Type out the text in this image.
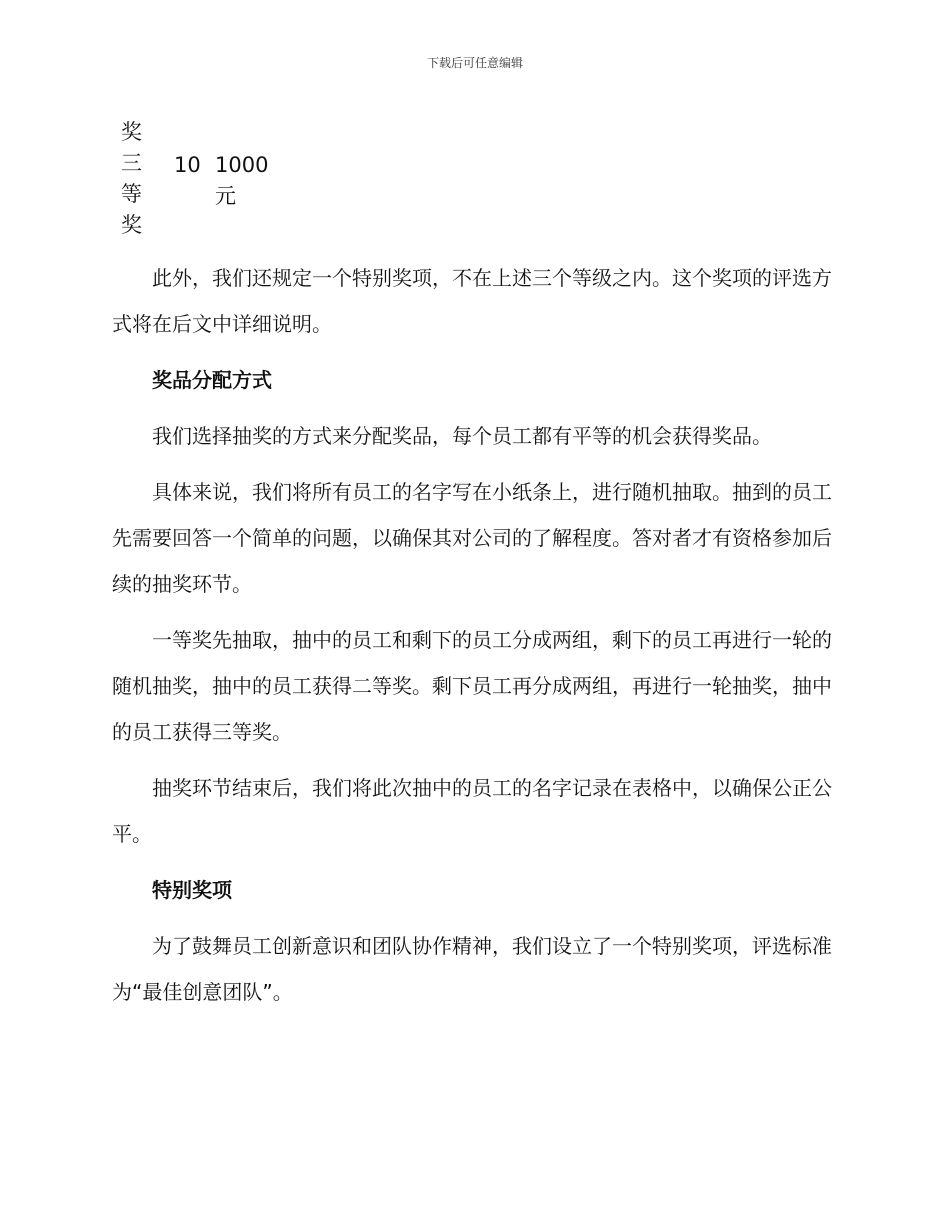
下载后可任意编辑
奖
三
等
奖
10 1000
元

此外，我们还规定一个特别奖项，不在上述三个等级之内。这个奖项的评选方式将在后文中详细说明。

奖品分配方式

我们选择抽奖的方式来分配奖品，每个员工都有平等的机会获得奖品。

具体来说，我们将所有员工的名字写在小纸条上，进行随机抽取。抽到的员工先需要回答一个简单的问题，以确保其对公司的了解程度。答对者才有资格参加后续的抽奖环节。

一等奖先抽取，抽中的员工和剩下的员工分成两组，剩下的员工再进行一轮的随机抽奖，抽中的员工获得二等奖。剩下员工再分成两组，再进行一轮抽奖，抽中的员工获得三等奖。

抽奖环节结束后，我们将此次抽中的员工的名字记录在表格中，以确保公正公平。

特别奖项

为了鼓舞员工创新意识和团队协作精神，我们设立了一个特别奖项，评选标准为“最佳创意团队”。
